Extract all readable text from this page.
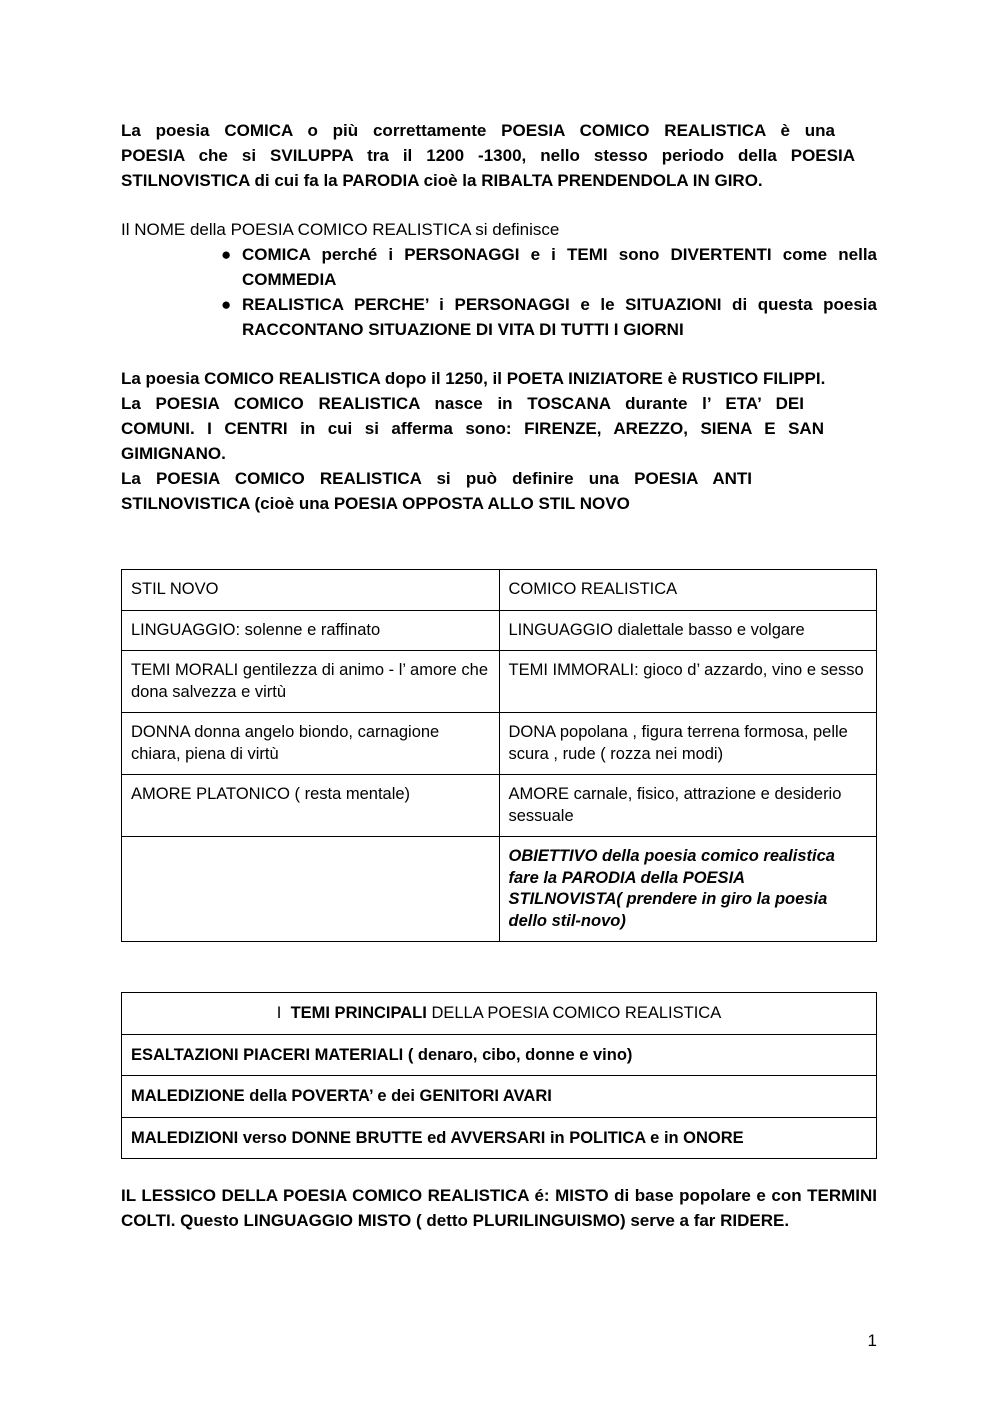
La poesia COMICA o più correttamente POESIA COMICO REALISTICA è una

POESIA che si SVILUPPA tra il 1200 -1300, nello stesso periodo della POESIA

STILNOVISTICA di cui fa la PARODIA cioè la RIBALTA PRENDENDOLA IN GIRO.

Il NOME della POESIA COMICO REALISTICA si definisce

● COMICA perché i PERSONAGGI e i TEMI sono DIVERTENTI come nella COMMEDIA
● REALISTICA PERCHE’ i PERSONAGGI e le SITUAZIONI di questa poesia RACCONTANO SITUAZIONE DI VITA DI TUTTI I GIORNI

La poesia COMICO REALISTICA dopo il 1250, il POETA INIZIATORE è RUSTICO FILIPPI.

La POESIA COMICO REALISTICA nasce in TOSCANA durante l’ ETA’ DEI

COMUNI. I CENTRI in cui si afferma sono: FIRENZE, AREZZO, SIENA E SAN

GIMIGNANO.

La POESIA COMICO REALISTICA si può definire una POESIA ANTI

STILNOVISTICA (cioè una POESIA OPPOSTA ALLO STIL NOVO

STIL NOVO	COMICO REALISTICA
LINGUAGGIO: solenne e raffinato	LINGUAGGIO dialettale basso e volgare
TEMI MORALI gentilezza di animo - l’ amore che dona salvezza e virtù	TEMI IMMORALI: gioco d’ azzardo, vino e sesso
DONNA donna angelo biondo, carnagione chiara, piena di virtù	DONA popolana , figura terrena formosa, pelle scura , rude ( rozza nei modi)
AMORE PLATONICO ( resta mentale)	AMORE carnale, fisico, attrazione e desiderio sessuale
	OBIETTIVO della poesia comico realistica fare la PARODIA della POESIA STILNOVISTA( prendere in giro la poesia dello stil-novo)
I TEMI PRINCIPALI DELLA POESIA COMICO REALISTICA
ESALTAZIONI PIACERI MATERIALI ( denaro, cibo, donne e vino)
MALEDIZIONE della POVERTA’ e dei GENITORI AVARI
MALEDIZIONI verso DONNE BRUTTE ed AVVERSARI in POLITICA e in ONORE

IL LESSICO DELLA POESIA COMICO REALISTICA é: MISTO di base popolare e con TERMINI COLTI. Questo LINGUAGGIO MISTO ( detto PLURILINGUISMO) serve a far RIDERE.

1
